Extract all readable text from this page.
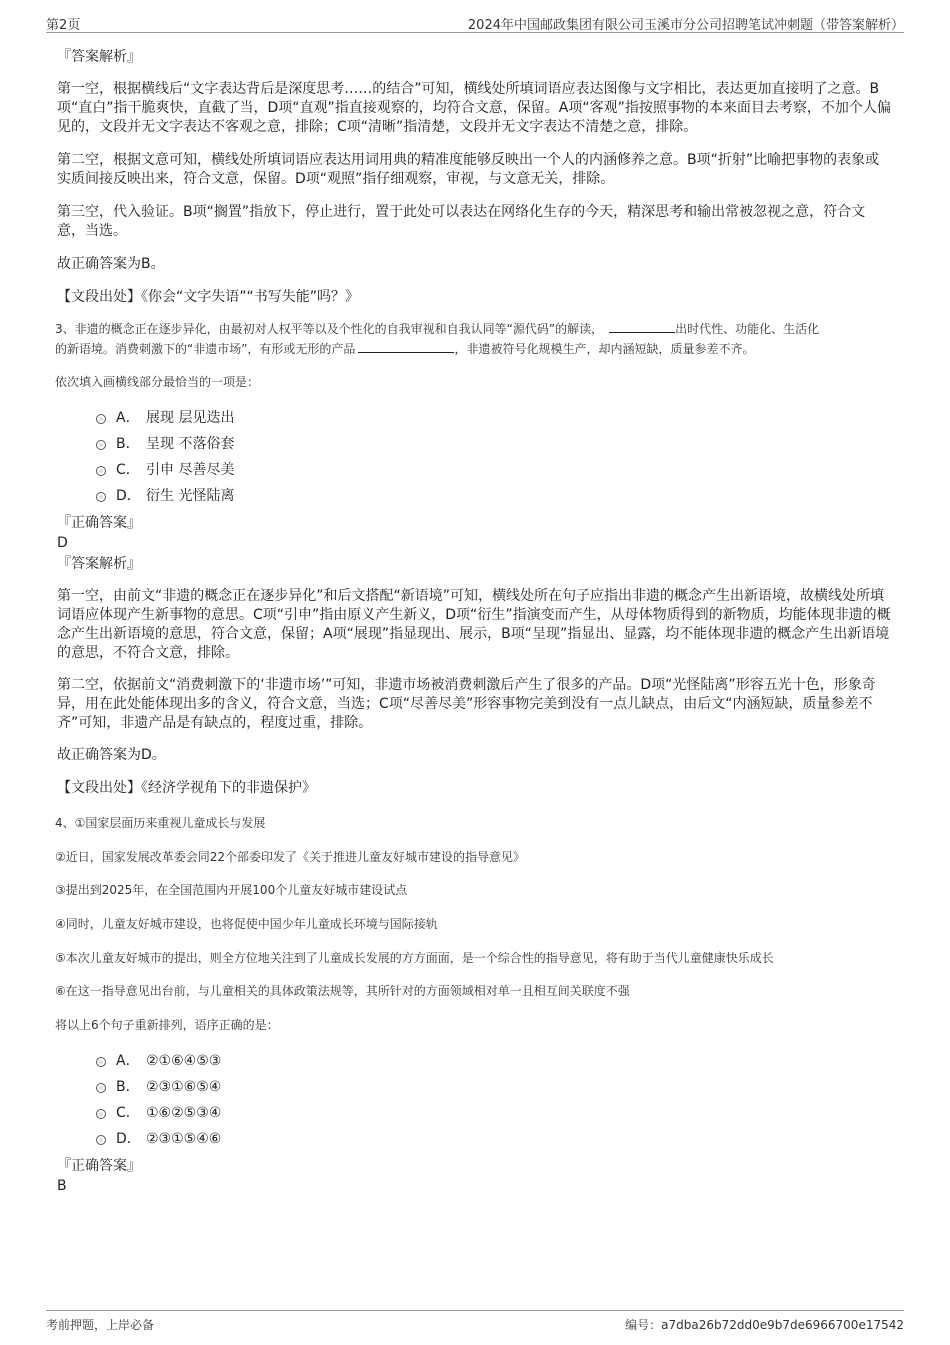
第2页	2024年中国邮政集团有限公司玉溪市分公司招聘笔试冲刺题（带答案解析）
『答案解析』
第一空，根据横线后“文字表达背后是深度思考……的结合”可知，横线处所填词语应表达图像与文字相比，表达更加直接明了之意。B项“直白”指干脆爽快，直截了当，D项“直观”指直接观察的，均符合文意，保留。A项“客观”指按照事物的本来面目去考察，不加个人偏见的，文段并无文字表达不客观之意，排除；C项“清晰”指清楚，文段并无文字表达不清楚之意，排除。
第二空，根据文意可知，横线处所填词语应表达用词用典的精准度能够反映出一个人的内涵修养之意。B项“折射”比喻把事物的表象或实质间接反映出来，符合文意，保留。D项“观照”指仔细观察，审视，与文意无关，排除。
第三空，代入验证。B项“搁置”指放下，停止进行，置于此处可以表达在网络化生存的今天，精深思考和输出常被忽视之意，符合文意，当选。
故正确答案为B。
【文段出处】《你会“文字失语”“书写失能”吗？》
3、非遗的概念正在逐步异化，由最初对人权平等以及个性化的自我审视和自我认同等“源代码”的解读，	出时代性、功能化、生活化
的新语境。消费刺激下的“非遗市场”，有形或无形的产品	，非遗被符号化规模生产，却内涵短缺，质量参差不齐。
依次填入画横线部分最恰当的一项是：
A． 展现 层见迭出
B． 呈现 不落俗套
C． 引申 尽善尽美
D． 衍生 光怪陆离
『正确答案』
D
『答案解析』
第一空，由前文“非遗的概念正在逐步异化”和后文搭配“新语境”可知，横线处所在句子应指出非遗的概念产生出新语境，故横线处所填词语应体现产生新事物的意思。C项“引申”指由原义产生新义，D项“衍生”指演变而产生，从母体物质得到的新物质，均能体现非遗的概念产生出新语境的意思，符合文意，保留；A项“展现”指显现出、展示，B项“呈现”指显出、显露，均不能体现非遗的概念产生出新语境的意思，不符合文意，排除。
第二空，依据前文“消费刺激下的‘非遗市场’”可知，非遗市场被消费刺激后产生了很多的产品。D项“光怪陆离”形容五光十色，形象奇异，用在此处能体现出多的含义，符合文意，当选；C项“尽善尽美”形容事物完美到没有一点儿缺点，由后文“内涵短缺，质量参差不齐”可知，非遗产品是有缺点的，程度过重，排除。
故正确答案为D。
【文段出处】《经济学视角下的非遗保护》
4、①国家层面历来重视儿童成长与发展
②近日，国家发展改革委会同22个部委印发了《关于推进儿童友好城市建设的指导意见》
③提出到2025年，在全国范围内开展100个儿童友好城市建设试点
④同时，儿童友好城市建设，也将促使中国少年儿童成长环境与国际接轨
⑤本次儿童友好城市的提出，则全方位地关注到了儿童成长发展的方方面面，是一个综合性的指导意见，将有助于当代儿童健康快乐成长
⑥在这一指导意见出台前，与儿童相关的具体政策法规等，其所针对的方面领域相对单一且相互间关联度不强
将以上6个句子重新排列，语序正确的是：
A． ②①⑥④⑤③
B． ②③①⑥⑤④
C． ①⑥②⑤③④
D． ②③①⑤④⑥
『正确答案』
B
考前押题，上岸必备	编号：a7dba26b72dd0e9b7de6966700e17542
